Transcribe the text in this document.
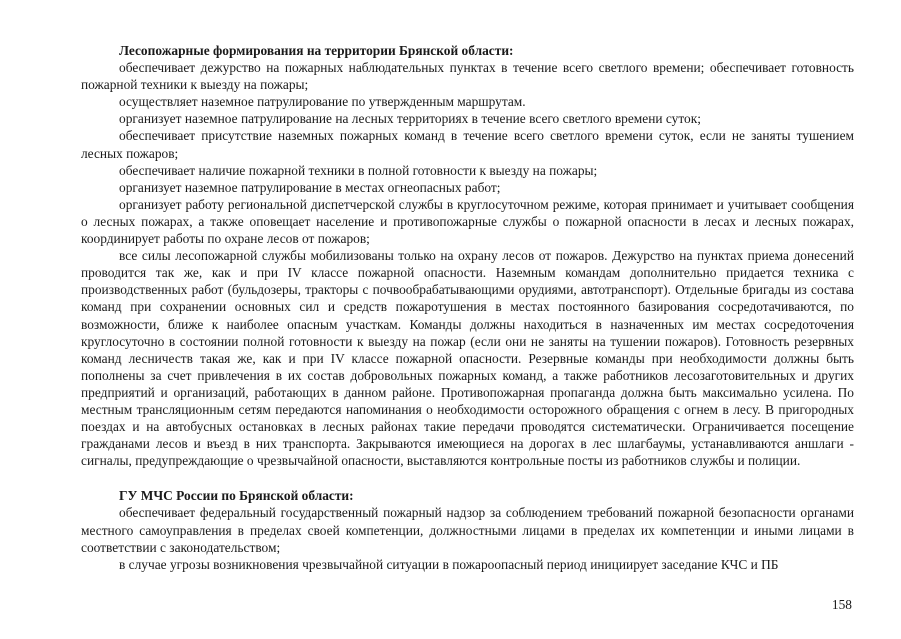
Лесопожарные формирования на территории Брянской области:

обеспечивает дежурство на пожарных наблюдательных пунктах в течение всего светлого времени; обеспечивает готовность пожарной техники к выезду на пожары;

осуществляет наземное патрулирование по утвержденным маршрутам.

организует наземное патрулирование на лесных территориях в течение всего светлого времени суток;

обеспечивает присутствие наземных пожарных команд в течение всего светлого времени суток, если не заняты тушением лесных пожаров;

обеспечивает наличие пожарной техники в полной готовности к выезду на пожары;

организует наземное патрулирование в местах огнеопасных работ;

организует работу региональной диспетчерской службы в круглосуточном режиме, которая принимает и учитывает сообщения о лесных пожарах, а также оповещает население и противопожарные службы о пожарной опасности в лесах и лесных пожарах, координирует работы по охране лесов от пожаров;

все силы лесопожарной службы мобилизованы только на охрану лесов от пожаров. Дежурство на пунктах приема донесений проводится так же, как и при IV классе пожарной опасности. Наземным командам дополнительно придается техника с производственных работ (бульдозеры, тракторы с почвообрабатывающими орудиями, автотранспорт). Отдельные бригады из состава команд при сохранении основных сил и средств пожаротушения в местах постоянного базирования сосредотачиваются, по возможности, ближе к наиболее опасным участкам. Команды должны находиться в назначенных им местах сосредоточения круглосуточно в состоянии полной готовности к выезду на пожар (если они не заняты на тушении пожаров). Готовность резервных команд лесничеств такая же, как и при IV классе пожарной опасности. Резервные команды при необходимости должны быть пополнены за счет привлечения в их состав добровольных пожарных команд, а также работников лесозаготовительных и других предприятий и организаций, работающих в данном районе. Противопожарная пропаганда должна быть максимально усилена. По местным трансляционным сетям передаются напоминания о необходимости осторожного обращения с огнем в лесу. В пригородных поездах и на автобусных остановках в лесных районах такие передачи проводятся систематически. Ограничивается посещение гражданами лесов и въезд в них транспорта. Закрываются имеющиеся на дорогах в лес шлагбаумы, устанавливаются аншлаги - сигналы, предупреждающие о чрезвычайной опасности, выставляются контрольные посты из работников службы и полиции.

ГУ МЧС России по Брянской области:

обеспечивает федеральный государственный пожарный надзор за соблюдением требований пожарной безопасности органами местного самоуправления в пределах своей компетенции, должностными лицами в пределах их компетенции и иными лицами в соответствии с законодательством;

в случае угрозы возникновения чрезвычайной ситуации в пожароопасный период инициирует заседание КЧС и ПБ

158
